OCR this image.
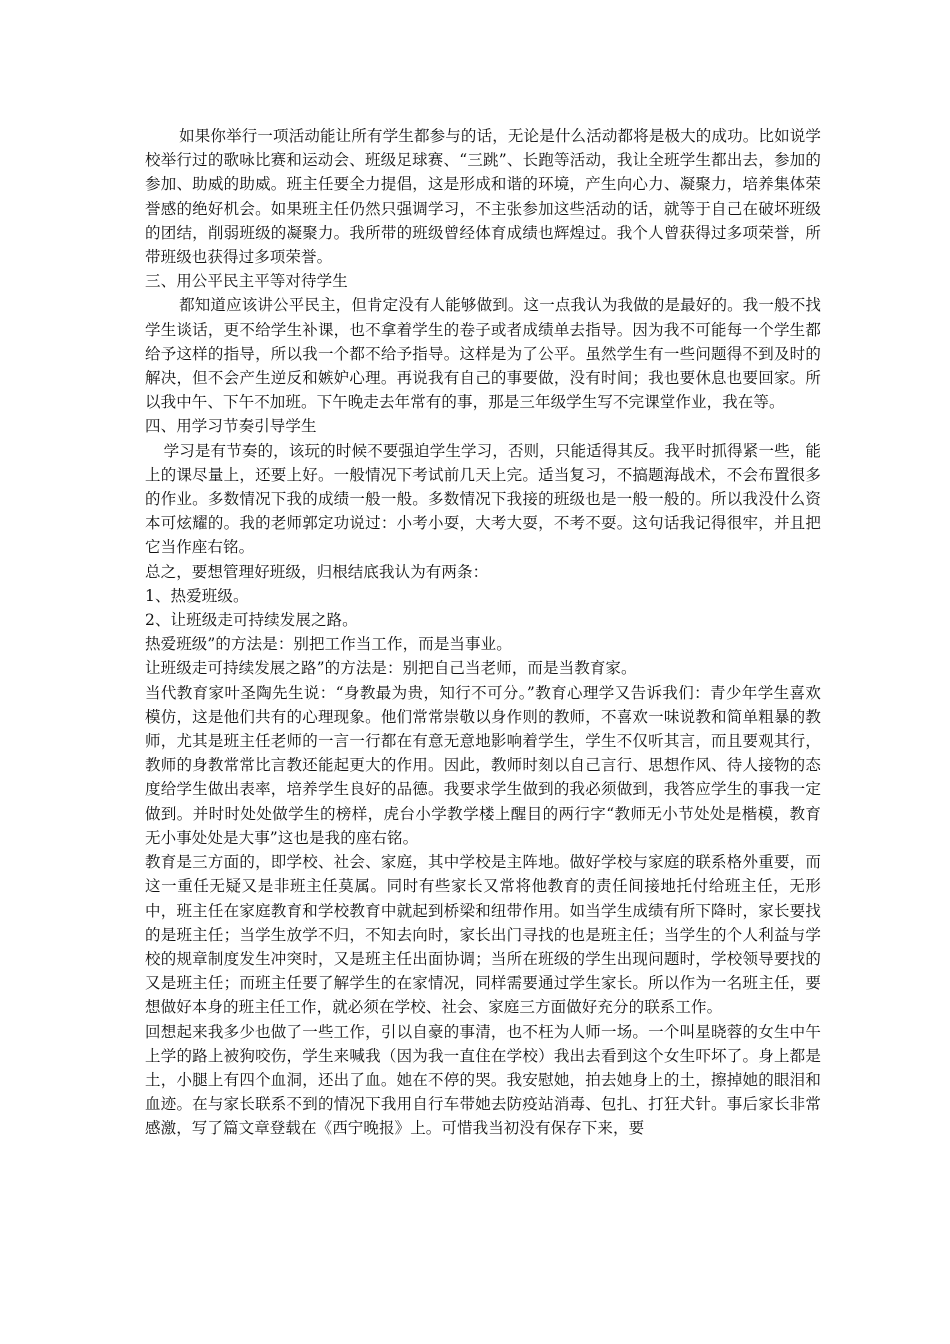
如果你举行一项活动能让所有学生都参与的话，无论是什么活动都将是极大的成功。比如说学校举行过的歌咏比赛和运动会、班级足球赛、“三跳”、长跑等活动，我让全班学生都出去，参加的参加、助威的助威。班主任要全力提倡，这是形成和谐的环境，产生向心力、凝聚力，培养集体荣誉感的绝好机会。如果班主任仍然只强调学习，不主张参加这些活动的话，就等于自己在破坏班级的团结，削弱班级的凝聚力。我所带的班级曾经体育成绩也辉煌过。我个人曾获得过多项荣誉，所带班级也获得过多项荣誉。

三、用公平民主平等对待学生

都知道应该讲公平民主，但肯定没有人能够做到。这一点我认为我做的是最好的。我一般不找学生谈话，更不给学生补课，也不拿着学生的卷子或者成绩单去指导。因为我不可能每一个学生都给予这样的指导，所以我一个都不给予指导。这样是为了公平。虽然学生有一些问题得不到及时的解决，但不会产生逆反和嫉妒心理。再说我有自己的事要做，没有时间；我也要休息也要回家。所以我中午、下午不加班。下午晚走去年常有的事，那是三年级学生写不完课堂作业，我在等。

四、用学习节奏引导学生

学习是有节奏的，该玩的时候不要强迫学生学习，否则，只能适得其反。我平时抓得紧一些，能上的课尽量上，还要上好。一般情况下考试前几天上完。适当复习，不搞题海战术，不会布置很多的作业。多数情况下我的成绩一般一般。多数情况下我接的班级也是一般一般的。所以我没什么资本可炫耀的。我的老师郭定功说过：小考小耍，大考大耍，不考不耍。这句话我记得很牢，并且把它当作座右铭。

总之，要想管理好班级，归根结底我认为有两条：

1、热爱班级。

2、让班级走可持续发展之路。

热爱班级”的方法是：别把工作当工作，而是当事业。

让班级走可持续发展之路”的方法是：别把自己当老师，而是当教育家。

当代教育家叶圣陶先生说：“身教最为贵，知行不可分。”教育心理学又告诉我们：青少年学生喜欢模仿，这是他们共有的心理现象。他们常常崇敬以身作则的教师，不喜欢一味说教和简单粗暴的教师，尤其是班主任老师的一言一行都在有意无意地影响着学生，学生不仅听其言，而且要观其行，教师的身教常常比言教还能起更大的作用。因此，教师时刻以自己言行、思想作风、待人接物的态度给学生做出表率，培养学生良好的品德。我要求学生做到的我必须做到，我答应学生的事我一定做到。并时时处处做学生的榜样，虎台小学教学楼上醒目的两行字“教师无小节处处是楷模，教育无小事处处是大事”这也是我的座右铭。

教育是三方面的，即学校、社会、家庭，其中学校是主阵地。做好学校与家庭的联系格外重要，而这一重任无疑又是非班主任莫属。同时有些家长又常将他教育的责任间接地托付给班主任，无形中，班主任在家庭教育和学校教育中就起到桥梁和纽带作用。如当学生成绩有所下降时，家长要找的是班主任；当学生放学不归，不知去向时，家长出门寻找的也是班主任；当学生的个人利益与学校的规章制度发生冲突时，又是班主任出面协调；当所在班级的学生出现问题时，学校领导要找的又是班主任；而班主任要了解学生的在家情况，同样需要通过学生家长。所以作为一名班主任，要想做好本身的班主任工作，就必须在学校、社会、家庭三方面做好充分的联系工作。

回想起来我多少也做了一些工作，引以自豪的事清，也不枉为人师一场。一个叫星晓蓉的女生中午上学的路上被狗咬伤，学生来喊我（因为我一直住在学校）我出去看到这个女生吓坏了。身上都是土，小腿上有四个血洞，还出了血。她在不停的哭。我安慰她，拍去她身上的土，擦掉她的眼泪和血迹。在与家长联系不到的情况下我用自行车带她去防疫站消毒、包扎、打狂犬针。事后家长非常感激，写了篇文章登载在《西宁晚报》上。可惜我当初没有保存下来，要
